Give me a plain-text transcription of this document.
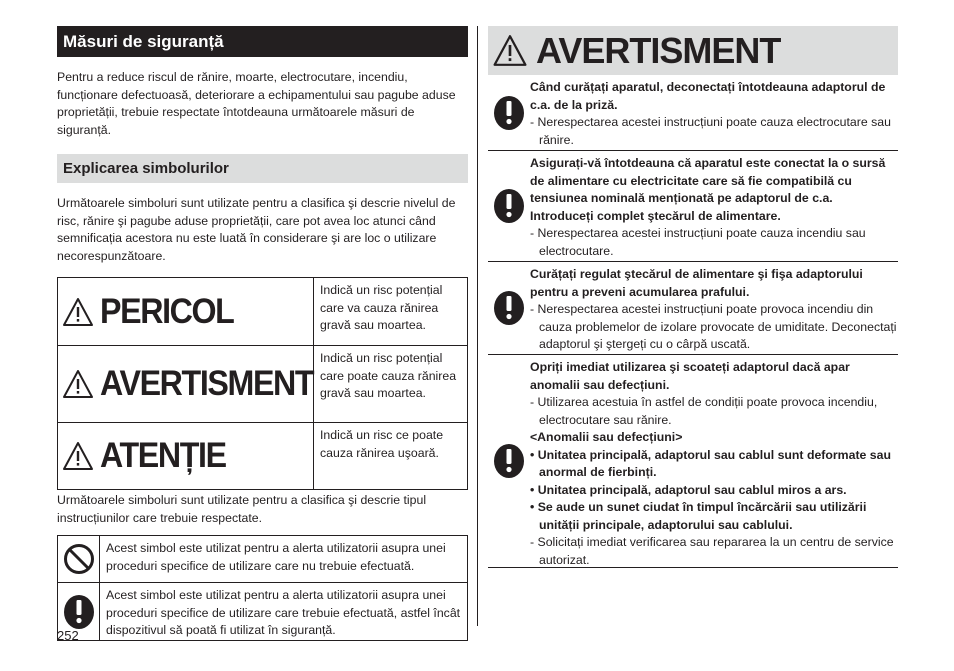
Măsuri de siguranță

Pentru a reduce riscul de rănire, moarte, electrocutare, incendiu, funcționare defectuoasă, deteriorare a echipamentului sau pagube aduse proprietății, trebuie respectate întotdeauna următoarele măsuri de siguranță.

Explicarea simbolurilor

Următoarele simboluri sunt utilizate pentru a clasifica şi descrie nivelul de risc, rănire şi pagube aduse proprietății, care pot avea loc atunci când semnificația acestora nu este luată în considerare şi are loc o utilizare necorespunzătoare.

PERICOL
Indică un risc potențial care va cauza rănirea gravă sau moartea.
AVERTISMENT
Indică un risc potențial care poate cauza rănirea gravă sau moartea.
ATENȚIE
Indică un risc ce poate cauza rănirea uşoară.

Următoarele simboluri sunt utilizate pentru a clasifica şi descrie tipul instrucțiunilor care trebuie respectate.

Acest simbol este utilizat pentru a alerta utilizatorii asupra unei proceduri specifice de utilizare care nu trebuie efectuată.
Acest simbol este utilizat pentru a alerta utilizatorii asupra unei proceduri specifice de utilizare care trebuie efectuată, astfel încât dispozitivul să poată fi utilizat în siguranță.
252
AVERTISMENT
Când curățați aparatul, deconectați întotdeauna adaptorul de c.a. de la priză.
- Nerespectarea acestei instrucțiuni poate cauza electrocutare sau rănire.
Asigurați-vă întotdeauna că aparatul este conectat la o sursă de alimentare cu electricitate care să fie compatibilă cu tensiunea nominală menționată pe adaptorul de c.a. Introduceți complet ştecărul de alimentare.
- Nerespectarea acestei instrucțiuni poate cauza incendiu sau electrocutare.
Curățați regulat ştecărul de alimentare şi fişa adaptorului pentru a preveni acumularea prafului.
- Nerespectarea acestei instrucțiuni poate provoca incendiu din cauza problemelor de izolare provocate de umiditate. Deconectați adaptorul şi ştergeți cu o cârpă uscată.
Opriți imediat utilizarea şi scoateți adaptorul dacă apar anomalii sau defecțiuni.
- Utilizarea acestuia în astfel de condiții poate provoca incendiu, electrocutare sau rănire.
<Anomalii sau defecțiuni>
• Unitatea principală, adaptorul sau cablul sunt deformate sau anormal de fierbinți.
• Unitatea principală, adaptorul sau cablul miros a ars.
• Se aude un sunet ciudat în timpul încărcării sau utilizării unității principale, adaptorului sau cablului.
- Solicitați imediat verificarea sau repararea la un centru de service autorizat.
